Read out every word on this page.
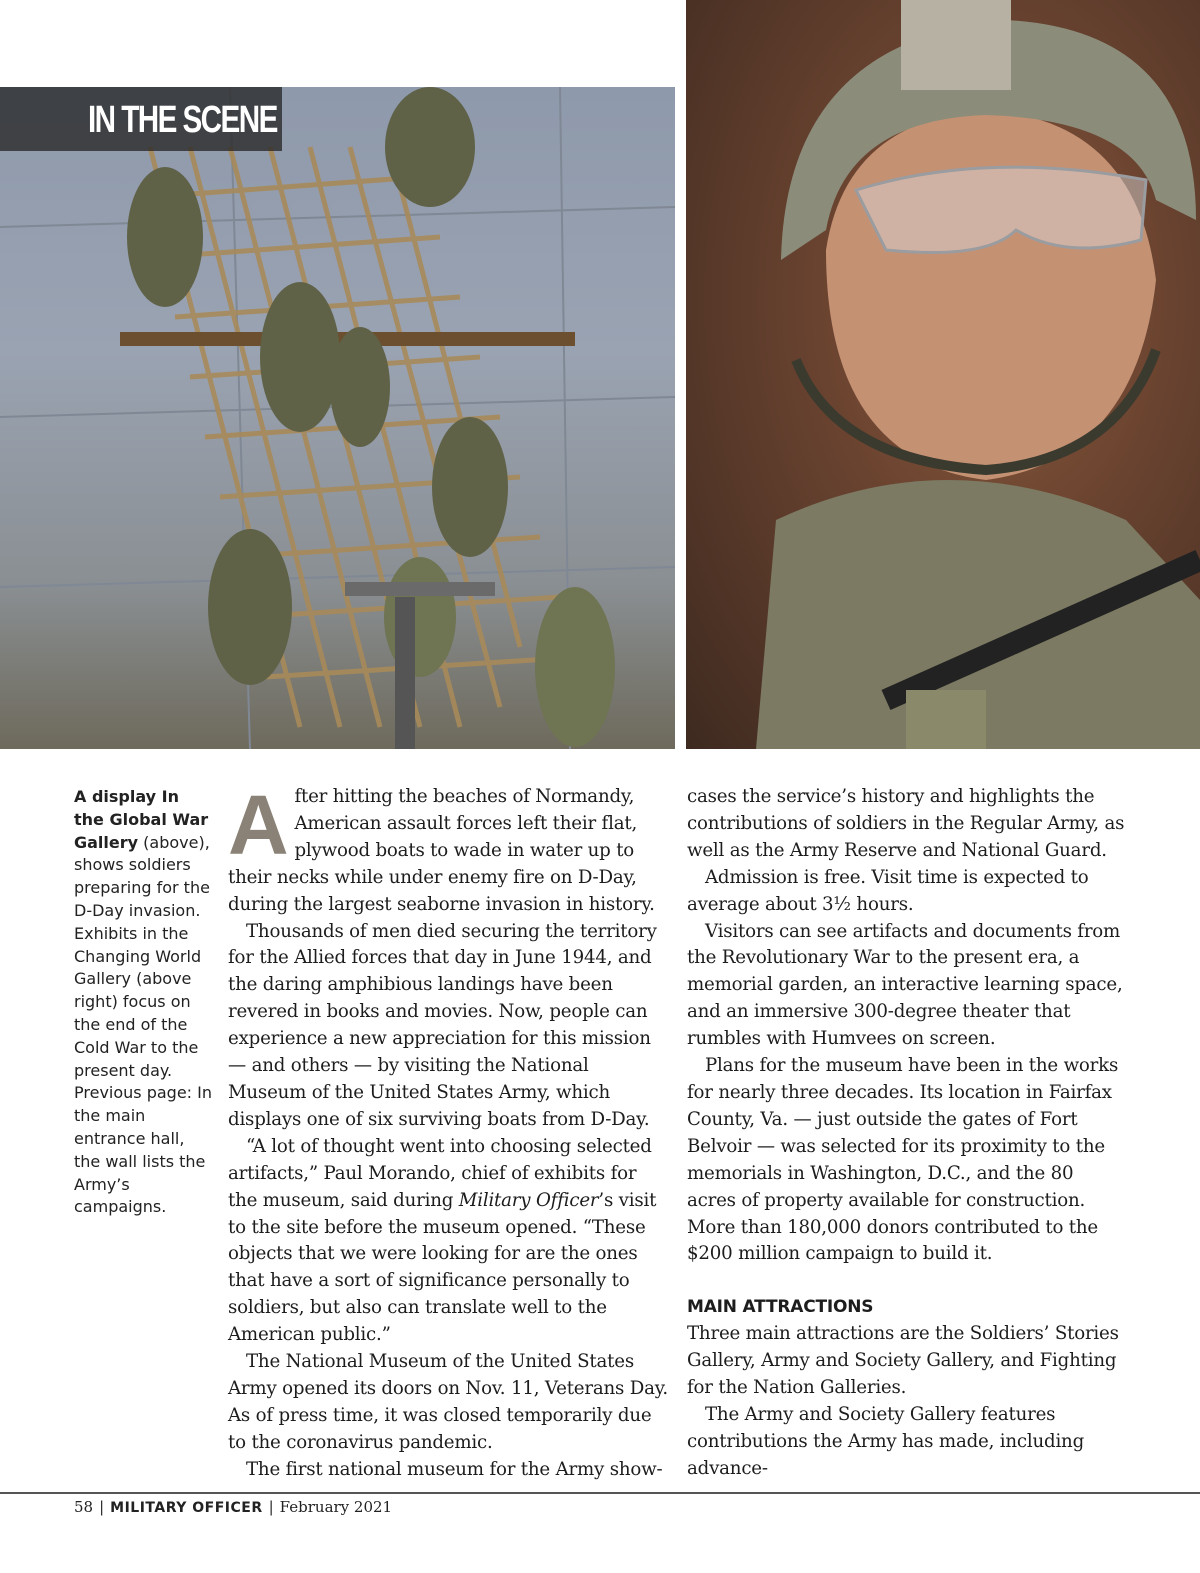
IN THE SCENE
A display In the Global War Gallery (above), shows soldiers preparing for the D-Day invasion. Exhibits in the Changing World Gallery (above right) focus on the end of the Cold War to the present day. Previous page: In the main entrance hall, the wall lists the Army’s campaigns.

After hitting the beaches of Normandy, American assault forces left their flat, plywood boats to wade in water up to their necks while under enemy fire on D-Day, during the largest seaborne invasion in history.

Thousands of men died securing the territory for the Allied forces that day in June 1944, and the daring amphibious landings have been revered in books and movies. Now, people can experience a new appreciation for this mission — and others — by visiting the National Museum of the United States Army, which displays one of six surviving boats from D-Day.

“A lot of thought went into choosing selected artifacts,” Paul Morando, chief of exhibits for the museum, said during Military Officer’s visit to the site before the museum opened. “These objects that we were looking for are the ones that have a sort of significance personally to soldiers, but also can translate well to the American public.”

The National Museum of the United States Army opened its doors on Nov. 11, Veterans Day. As of press time, it was closed temporarily due to the coronavirus pandemic.

The first national museum for the Army show-

cases the service’s history and highlights the contributions of soldiers in the Regular Army, as well as the Army Reserve and National Guard.

Admission is free. Visit time is expected to average about 3½ hours.

Visitors can see artifacts and documents from the Revolutionary War to the present era, a memorial garden, an interactive learning space, and an immersive 300-degree theater that rumbles with Humvees on screen.

Plans for the museum have been in the works for nearly three decades. Its location in Fairfax County, Va. — just outside the gates of Fort Belvoir — was selected for its proximity to the memorials in Washington, D.C., and the 80 acres of property available for construction. More than 180,000 donors contributed to the $200 million campaign to build it.

MAIN ATTRACTIONS

Three main attractions are the Soldiers’ Stories Gallery, Army and Society Gallery, and Fighting for the Nation Galleries.

The Army and Society Gallery features contributions the Army has made, including advance-

58 | MILITARY OFFICER | February 2021
